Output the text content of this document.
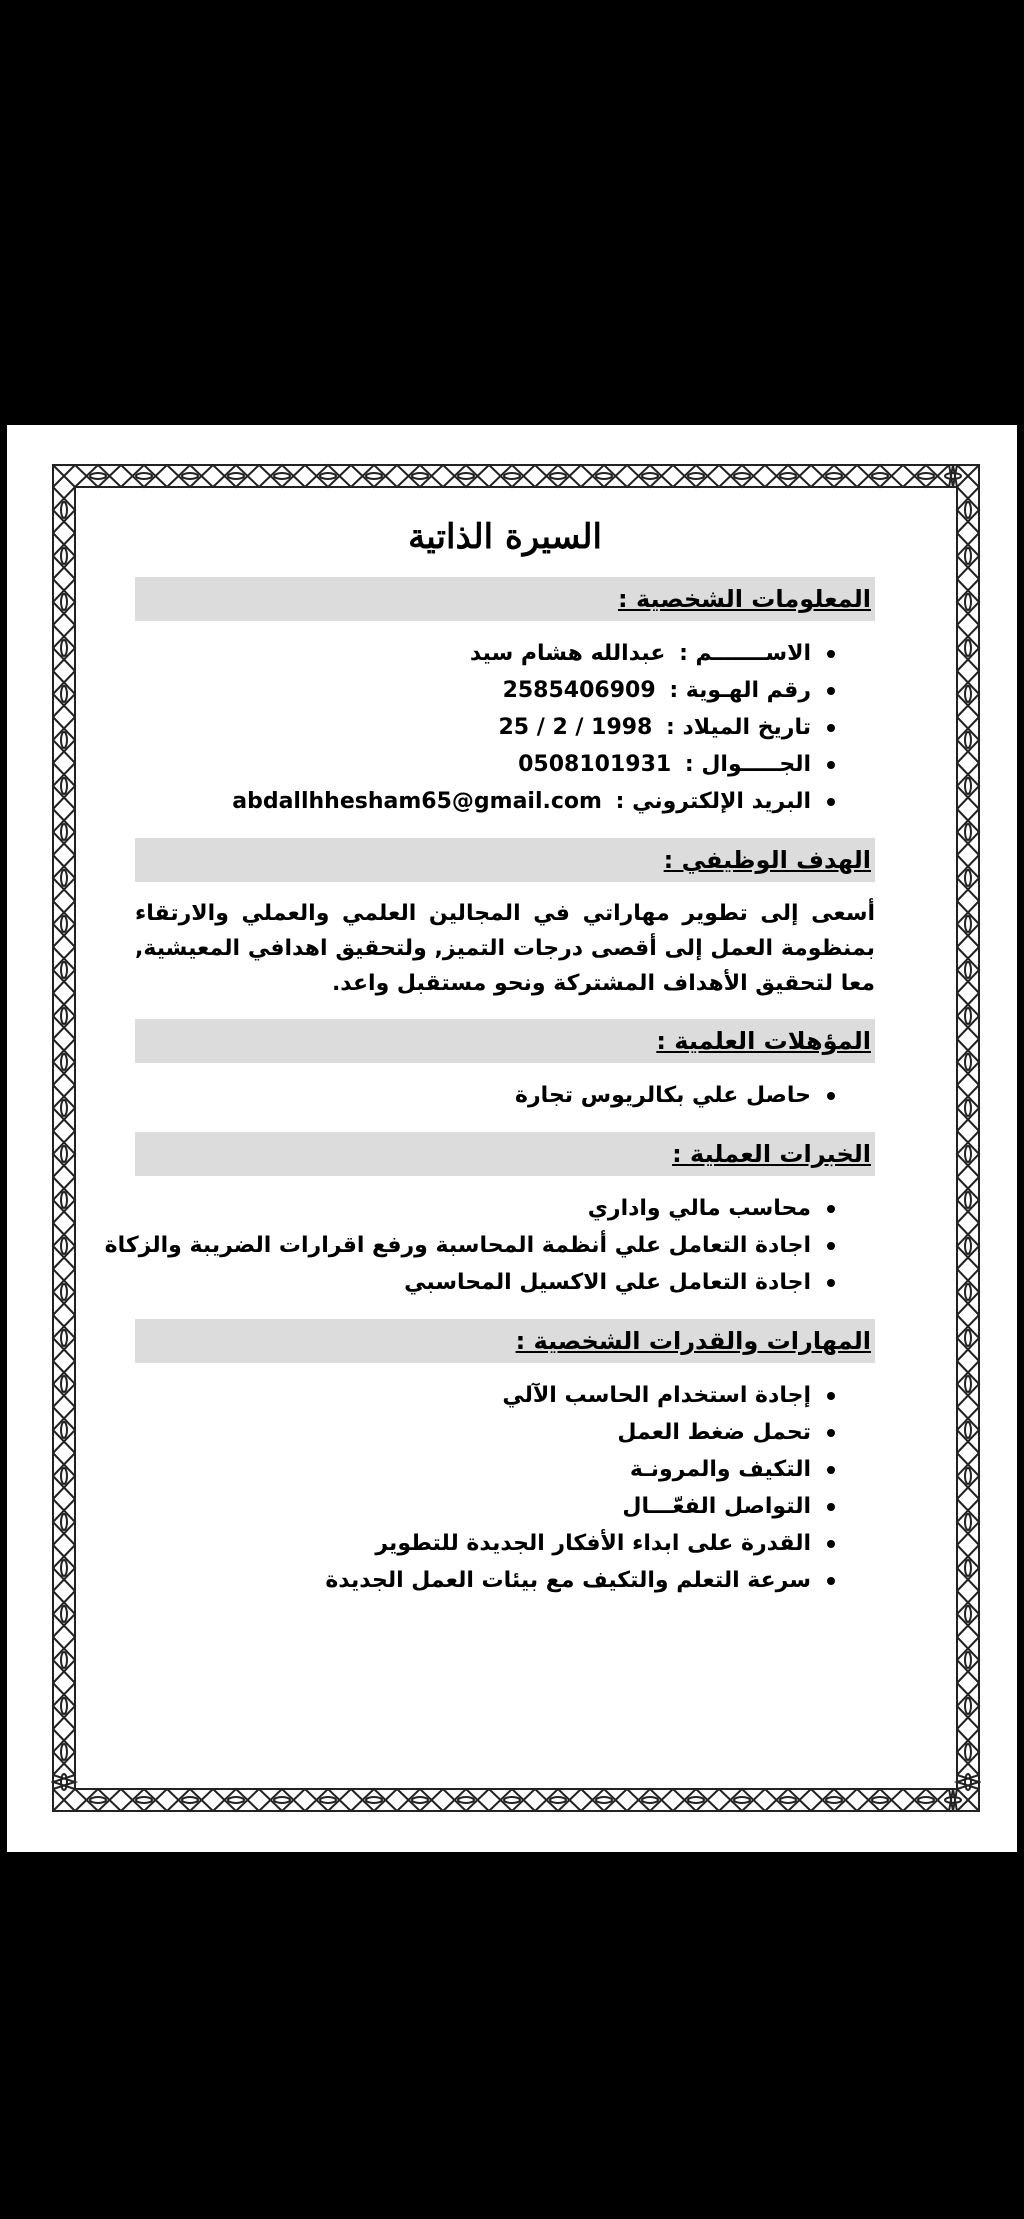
السيرة الذاتية
المعلومات الشخصية :
الاســـــــم : عبدالله هشام سيد
رقم الهـوية : 2585406909
تاريخ الميلاد : 25 / 2 / 1998
الجـــــوال : 0508101931
البريد الإلكتروني : abdallhhesham65@gmail.com
الهدف الوظيفي :

أسعى إلى تطوير مهاراتي في المجالين العلمي والعملي والارتقاء بمنظومة العمل إلى أقصى درجات التميز, ولتحقيق اهدافي المعيشية, معا لتحقيق الأهداف المشتركة ونحو مستقبل واعد.

المؤهلات العلمية :
حاصل علي بكالريوس تجارة
الخبرات العملية :
محاسب مالي واداري
اجادة التعامل علي أنظمة المحاسبة ورفع اقرارات الضريبة والزكاة
اجادة التعامل علي الاكسيل المحاسبي
المهارات والقدرات الشخصية :
إجادة استخدام الحاسب الآلي
تحمل ضغط العمل
التكيف والمرونـة
التواصل الفعّـــال
القدرة على ابداء الأفكار الجديدة للتطوير
سرعة التعلم والتكيف مع بيئات العمل الجديدة
